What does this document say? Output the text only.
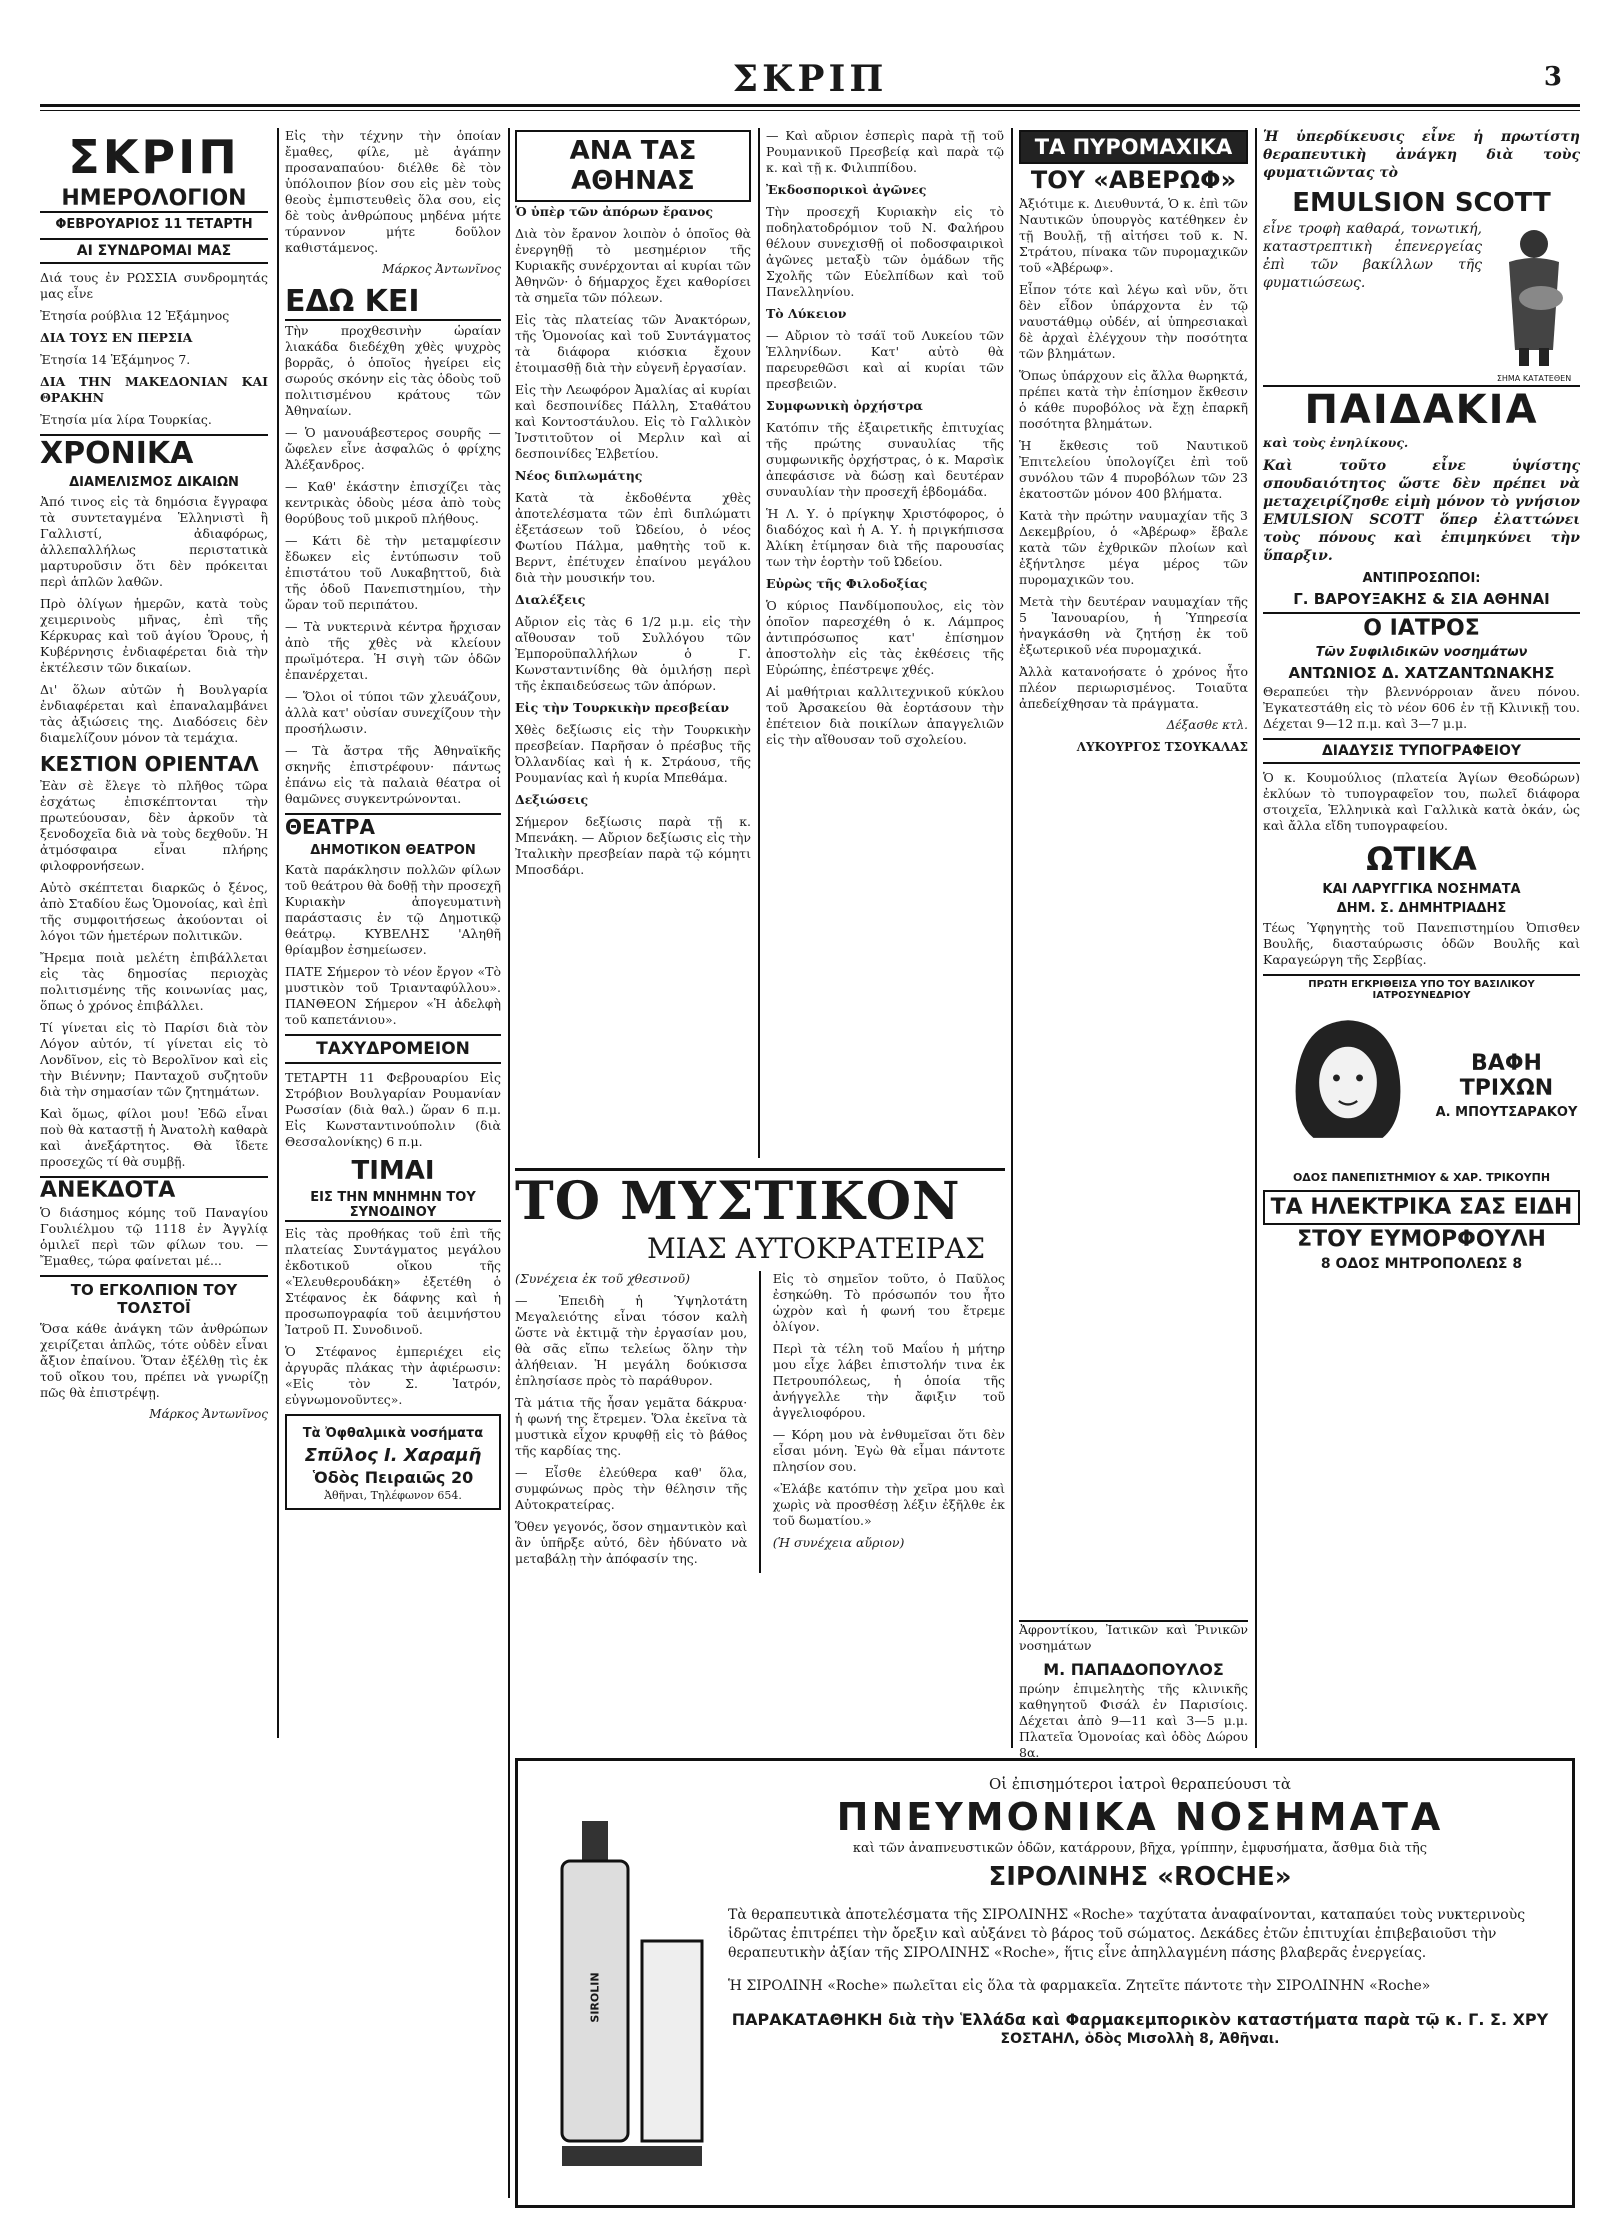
ΣΚΡΙΠ	3
ΣΚΡΙΠ
ΗΜΕΡΟΛΟΓΙΟΝ
ΦΕΒΡΟΥΑΡΙΟΣ 11 ΤΕΤΑΡΤΗ
ΑΙ ΣΥΝΔΡΟΜΑΙ ΜΑΣ

Διά τους ἐν ΡΩΣΣΙΑ συνδρομητάς μας εἶνε

Ἐτησία ρούβλια 12 Ἑξάμηνος

ΔΙΑ ΤΟΥΣ ΕΝ ΠΕΡΣΙΑ

Ἐτησία 14 Ἑξάμηνος 7.

ΔΙΑ ΤΗΝ ΜΑΚΕΔΟΝΙΑΝ ΚΑΙ ΘΡΑΚΗΝ

Ἐτησία μία λίρα Τουρκίας.

ΧΡΟΝΙΚΑ
ΔΙΑΜΕΛΙΣΜΟΣ ΔΙΚΑΙΩΝ

Ἀπό τινος εἰς τὰ δημόσια ἔγγραφα τὰ συντεταγμένα Ἑλληνιστὶ ἢ Γαλλιστί, ἀδιαφόρως, ἀλλεπαλλήλως περιστατικὰ μαρτυροῦσιν ὅτι δὲν πρόκειται περὶ ἁπλῶν λαθῶν.

Πρὸ ὀλίγων ἡμερῶν, κατὰ τοὺς χειμερινοὺς μῆνας, ἐπὶ τῆς Κέρκυρας καὶ τοῦ ἁγίου Ὅρους, ἡ Κυβέρνησις ἐνδιαφέρεται διὰ τὴν ἐκτέλεσιν τῶν δικαίων.

Δι' ὅλων αὐτῶν ἡ Βουλγαρία ἐνδιαφέρεται καὶ ἐπαναλαμβάνει τὰς ἀξιώσεις της. Διαδόσεις δὲν διαμελίζουν μόνον τὰ τεμάχια.

ΚΕΣΤΙΟΝ ΟΡΙΕΝΤΑΛ

Ἐὰν σὲ ἔλεγε τὸ πλῆθος τῶρα ἐσχάτως ἐπισκέπτονται τὴν πρωτεύουσαν, δὲν ἀρκοῦν τὰ ξενοδοχεῖα διὰ νὰ τοὺς δεχθοῦν. Ἡ ἀτμόσφαιρα εἶναι πλήρης φιλοφρονήσεων.

Αὐτὸ σκέπτεται διαρκῶς ὁ ξένος, ἀπὸ Σταδίου ἕως Ὁμονοίας, καὶ ἐπὶ τῆς συμφοιτήσεως ἀκούονται οἱ λόγοι τῶν ἡμετέρων πολιτικῶν.

Ἤρεμα ποιὰ μελέτη ἐπιβάλλεται εἰς τὰς δημοσίας περιοχὰς πολιτισμένης τῆς κοινωνίας μας, ὅπως ὁ χρόνος ἐπιβάλλει.

Τί γίνεται εἰς τὸ Παρίσι διὰ τὸν Λόγον αὐτόν, τί γίνεται εἰς τὸ Λονδῖνον, εἰς τὸ Βερολῖνον καὶ εἰς τὴν Βιέννην; Πανταχοῦ συζητοῦν διὰ τὴν σημασίαν τῶν ζητημάτων.

Καὶ ὅμως, φίλοι μου! Ἐδῶ εἶναι ποὺ θὰ καταστῇ ἡ Ἀνατολὴ καθαρὰ καὶ ἀνεξάρτητος. Θὰ ἴδετε προσεχῶς τί θὰ συμβῇ.

ΑΝΕΚΔΟΤΑ

Ὁ διάσημος κόμης τοῦ Παναγίου Γουλιέλμου τῷ 1118 ἐν Ἀγγλίᾳ ὁμιλεῖ περὶ τῶν φίλων του. — Ἔμαθες, τώρα φαίνεται μέ...

ΤΟ ΕΓΚΟΛΠΙΟΝ ΤΟΥ ΤΟΛΣΤΟΪ

Ὅσα κάθε ἀνάγκη τῶν ἀνθρώπων χειρίζεται ἀπλῶς, τότε οὐδὲν εἶναι ἄξιον ἐπαίνου. Ὅταν ἐξέλθῃ τὶς ἐκ τοῦ οἴκου του, πρέπει νὰ γνωρίζῃ πῶς θὰ ἐπιστρέψῃ.

Μάρκος Ἀντωνῖνος

Εἰς τὴν τέχνην τὴν ὁποίαν ἔμαθες, φίλε, μὲ ἀγάπην προσαναπαύου· διέλθε δὲ τὸν ὑπόλοιπον βίον σου εἰς μὲν τοὺς θεοὺς ἐμπιστευθεὶς ὅλα σου, εἰς δὲ τοὺς ἀνθρώπους μηδένα μήτε τύραννον μήτε δοῦλον καθιστάμενος.

Μάρκος Ἀντωνῖνος
ΕΔΩ ΚΕΙ

Τὴν προχθεσινὴν ὡραίαν λιακάδα διεδέχθη χθὲς ψυχρὸς βορρᾶς, ὁ ὁποῖος ἠγείρει εἰς σωρούς σκόνην εἰς τὰς ὁδοὺς τοῦ πολιτισμένου κράτους τῶν Ἀθηναίων.

— Ὁ μανουάβεστερος σουρῆς — ὤφελεν εἶνε ἀσφαλῶς ὁ φρίχης Ἀλέξανδρος.

— Καθ' ἑκάστην ἐπισχίζει τὰς κεντρικὰς ὁδοὺς μέσα ἀπὸ τοὺς θορύβους τοῦ μικροῦ πλήθους.

— Κάτι δὲ τὴν μεταμφίεσιν ἔδωκεν εἰς ἐντύπωσιν τοῦ ἐπιστάτου τοῦ Λυκαβηττοῦ, διὰ τῆς ὁδοῦ Πανεπιστημίου, τὴν ὥραν τοῦ περιπάτου.

— Τὰ νυκτερινὰ κέντρα ἤρχισαν ἀπὸ τῆς χθὲς νὰ κλείουν πρωϊμότερα. Ἡ σιγὴ τῶν ὁδῶν ἐπανέρχεται.

— Ὅλοι οἱ τύποι τῶν χλευάζουν, ἀλλὰ κατ' οὐσίαν συνεχίζουν τὴν προσήλωσιν.

— Τὰ ἄστρα τῆς Ἀθηναϊκῆς σκηνῆς ἐπιστρέφουν· πάντως ἐπάνω εἰς τὰ παλαιὰ θέατρα οἱ θαμῶνες συγκεντρώνονται.

ΘΕΑΤΡΑ
ΔΗΜΟΤΙΚΟΝ ΘΕΑΤΡΟΝ

Κατὰ παράκλησιν πολλῶν φίλων τοῦ θεάτρου θὰ δοθῇ τὴν προσεχῆ Κυριακὴν ἀπογευματινὴ παράστασις ἐν τῷ Δημοτικῷ θεάτρῳ. ΚΥΒΕΛΗΣ 'Αληθῆ θρίαμβον ἐσημείωσεν.

ΠΑΤΕ Σήμερον τὸ νέον ἔργον «Τὸ μυστικὸν τοῦ Τριανταφύλλου». ΠΑΝΘΕΟΝ Σήμερον «Ἡ ἀδελφὴ τοῦ καπετάνιου».

ΤΑΧΥΔΡΟΜΕΙΟΝ

ΤΕΤΑΡΤΗ 11 Φεβρουαρίου Εἰς Στρόβιον Βουλγαρίαν Ρουμανίαν Ρωσσίαν (διὰ θαλ.) ὥραν 6 π.μ. Εἰς Κωνσταντινούπολιν (διὰ Θεσσαλονίκης) 6 π.μ.

ΤΙΜΑΙ
ΕΙΣ ΤΗΝ ΜΝΗΜΗΝ ΤΟΥ ΣΥΝΟΔΙΝΟΥ

Εἰς τὰς προθήκας τοῦ ἐπὶ τῆς πλατείας Συντάγματος μεγάλου ἐκδοτικοῦ οἴκου τῆς «Ἐλευθερουδάκη» ἐξετέθη ὁ Στέφανος ἐκ δάφνης καὶ ἡ προσωπογραφία τοῦ ἀειμνήστου Ἰατροῦ Π. Συνοδινοῦ.

Ὁ Στέφανος ἐμπεριέχει εἰς ἀργυρᾶς πλάκας τὴν ἀφιέρωσιν: «Εἰς τὸν Σ. Ἰατρόν, εὐγνωμονοῦντες».

Τὰ Ὀφθαλμικὰ νοσήματα
Σπῦλος Ι. Χαραμῆ
Ὁδὸς Πειραιῶς 20
Ἀθῆναι, Τηλέφωνον 654.
ΑΝΑ ΤΑΣ ΑΘΗΝΑΣ

Ὁ ὑπὲρ τῶν ἀπόρων ἔρανος

Διὰ τὸν ἔρανον λοιπὸν ὁ ὁποῖος θὰ ἐνεργηθῇ τὸ μεσημέριον τῆς Κυριακῆς συνέρχονται αἱ κυρίαι τῶν Ἀθηνῶν· ὁ δήμαρχος ἔχει καθορίσει τὰ σημεῖα τῶν πόλεων.

Εἰς τὰς πλατείας τῶν Ἀνακτόρων, τῆς Ὁμονοίας καὶ τοῦ Συντάγματος τὰ διάφορα κιόσκια ἔχουν ἑτοιμασθῇ διὰ τὴν εὐγενῆ ἐργασίαν.

Εἰς τὴν Λεωφόρον Ἀμαλίας αἱ κυρίαι καὶ δεσποινίδες Πάλλη, Σταθάτου καὶ Κοντοστάυλου. Εἰς τὸ Γαλλικὸν Ἰνστιτοῦτον οἱ Μερλιν καὶ αἱ δεσποινίδες Ἑλβετίου.

Νέος διπλωμάτης

Κατὰ τὰ ἐκδοθέντα χθὲς ἀποτελέσματα τῶν ἐπὶ διπλώματι ἐξετάσεων τοῦ Ὠδείου, ὁ νέος Φωτίου Πάλμα, μαθητὴς τοῦ κ. Βερντ, ἐπέτυχεν ἐπαίνου μεγάλου διὰ τὴν μουσικήν του.

Διαλέξεις

Αὔριον εἰς τὰς 6 1/2 μ.μ. εἰς τὴν αἴθουσαν τοῦ Συλλόγου τῶν Ἐμποροϋπαλλήλων ὁ Γ. Κωνσταντινίδης θὰ ὁμιλήσῃ περὶ τῆς ἐκπαιδεύσεως τῶν ἀπόρων.

Εἰς τὴν Τουρκικὴν πρεσβείαν

Χθὲς δεξίωσις εἰς τὴν Τουρκικὴν πρεσβείαν. Παρῆσαν ὁ πρέσβυς τῆς Ὀλλανδίας καὶ ἡ κ. Στράουσ, τῆς Ρουμανίας καὶ ἡ κυρία Μπεθάμα.

Δεξιώσεις

Σήμερον δεξίωσις παρὰ τῇ κ. Μπενάκη. — Αὔριον δεξίωσις εἰς τὴν Ἰταλικὴν πρεσβείαν παρὰ τῷ κόμητι Μποσδάρι.

— Καὶ αὔριον ἑσπερὶς παρὰ τῇ τοῦ Ρουμανικοῦ Πρεσβείᾳ καὶ παρὰ τῷ κ. καὶ τῇ κ. Φιλιππίδου.

Ἐκδοσπορικοὶ ἀγῶνες

Τὴν προσεχῆ Κυριακὴν εἰς τὸ ποδηλατοδρόμιον τοῦ Ν. Φαλήρου θέλουν συνεχισθῇ οἱ ποδοσφαιρικοὶ ἀγῶνες μεταξὺ τῶν ὁμάδων τῆς Σχολῆς τῶν Εὐελπίδων καὶ τοῦ Πανελληνίου.

Τὸ Λύκειον

— Αὔριον τὸ τσάϊ τοῦ Λυκείου τῶν Ἑλληνίδων. Κατ' αὐτὸ θὰ παρευρεθῶσι καὶ αἱ κυρίαι τῶν πρεσβειῶν.

Συμφωνικὴ ὀρχήστρα

Κατόπιν τῆς ἐξαιρετικῆς ἐπιτυχίας τῆς πρώτης συναυλίας τῆς συμφωνικῆς ὀρχήστρας, ὁ κ. Μαρσὶκ ἀπεφάσισε νὰ δώσῃ καὶ δευτέραν συναυλίαν τὴν προσεχῆ ἑβδομάδα.

Ἡ Λ. Υ. ὁ πρίγκηψ Χριστόφορος, ὁ διαδόχος καὶ ἡ Α. Υ. ἡ πριγκήπισσα Ἀλίκη ἐτίμησαν διὰ τῆς παρουσίας των τὴν ἑορτὴν τοῦ Ὠδείου.

Εὐρὼς τῆς Φιλοδοξίας

Ὁ κύριος Πανδίμοπουλος, εἰς τὸν ὁποῖον παρεσχέθη ὁ κ. Λάμπρος ἀντιπρόσωπος κατ' ἐπίσημον ἀποστολὴν εἰς τὰς ἐκθέσεις τῆς Εὐρώπης, ἐπέστρεψε χθές.

Αἱ μαθήτριαι καλλιτεχνικοῦ κύκλου τοῦ Ἀρσακείου θὰ ἑορτάσουν τὴν ἐπέτειον διὰ ποικίλων ἀπαγγελιῶν εἰς τὴν αἴθουσαν τοῦ σχολείου.

ΤΟ ΜΥΣΤΙΚΟΝ
ΜΙΑΣ ΑΥΤΟΚΡΑΤΕΙΡΑΣ

(Συνέχεια ἐκ τοῦ χθεσινοῦ)

— Ἐπειδὴ ἡ Ὑψηλοτάτη Μεγαλειότης εἶναι τόσον καλὴ ὥστε νὰ ἐκτιμᾷ τὴν ἐργασίαν μου, θὰ σᾶς εἴπω τελείως ὅλην τὴν ἀλήθειαν. Ἡ μεγάλη δούκισσα ἐπλησίασε πρὸς τὸ παράθυρον.

Τὰ μάτια τῆς ἦσαν γεμᾶτα δάκρυα· ἡ φωνή της ἔτρεμεν. Ὅλα ἐκεῖνα τὰ μυστικὰ εἶχον κρυφθῇ εἰς τὸ βάθος τῆς καρδίας της.

— Εἶσθε ἐλεύθερα καθ' ὅλα, συμφώνως πρὸς τὴν θέλησιν τῆς Αὐτοκρατείρας.

Ὅθεν γεγονός, ὅσον σημαντικὸν καὶ ἂν ὑπῆρξε αὐτό, δὲν ἠδύνατο νὰ μεταβάλῃ τὴν ἀπόφασίν της.

Εἰς τὸ σημεῖον τοῦτο, ὁ Παῦλος ἐσηκώθη. Τὸ πρόσωπόν του ἦτο ὠχρὸν καὶ ἡ φωνή του ἔτρεμε ὀλίγον.

Περὶ τὰ τέλη τοῦ Μαΐου ἡ μήτηρ μου εἶχε λάβει ἐπιστολήν τινα ἐκ Πετρουπόλεως, ἡ ὁποία τῆς ἀνήγγελλε τὴν ἄφιξιν τοῦ ἀγγελιοφόρου.

— Κόρη μου νὰ ἐνθυμεῖσαι ὅτι δὲν εἶσαι μόνη. Ἐγὼ θὰ εἶμαι πάντοτε πλησίον σου.

«Ἐλάβε κατόπιν τὴν χεῖρα μου καὶ χωρὶς νὰ προσθέσῃ λέξιν ἐξῆλθε ἐκ τοῦ δωματίου.»

(Ἡ συνέχεια αὔριον)

ΤΑ ΠΥΡΟΜΑΧΙΚΑ
ΤΟΥ «ΑΒΕΡΩΦ»

Ἀξιότιμε κ. Διευθυντά, Ὁ κ. ἐπὶ τῶν Ναυτικῶν ὑπουργὸς κατέθηκεν ἐν τῇ Βουλῇ, τῇ αἰτήσει τοῦ κ. Ν. Στράτου, πίνακα τῶν πυρομαχικῶν τοῦ «Ἀβέρωφ».

Εἶπον τότε καὶ λέγω καὶ νῦν, ὅτι δὲν εἶδον ὑπάρχοντα ἐν τῷ ναυστάθμῳ οὐδέν, αἱ ὑπηρεσιακαὶ δὲ ἀρχαὶ ἐλέγχουν τὴν ποσότητα τῶν βλημάτων.

Ὅπως ὑπάρχουν εἰς ἄλλα θωρηκτά, πρέπει κατὰ τὴν ἐπίσημον ἔκθεσιν ὁ κάθε πυροβόλος νὰ ἔχῃ ἐπαρκῆ ποσότητα βλημάτων.

Ἡ ἔκθεσις τοῦ Ναυτικοῦ Ἐπιτελείου ὑπολογίζει ἐπὶ τοῦ συνόλου τῶν 4 πυροβόλων τῶν 23 ἑκατοστῶν μόνον 400 βλήματα.

Κατὰ τὴν πρώτην ναυμαχίαν τῆς 3 Δεκεμβρίου, ὁ «Ἀβέρωφ» ἔβαλε κατὰ τῶν ἐχθρικῶν πλοίων καὶ ἐξήντλησε μέγα μέρος τῶν πυρομαχικῶν του.

Μετὰ τὴν δευτέραν ναυμαχίαν τῆς 5 Ἰανουαρίου, ἡ Ὑπηρεσία ἠναγκάσθη νὰ ζητήσῃ ἐκ τοῦ ἐξωτερικοῦ νέα πυρομαχικά.

Ἀλλὰ κατανοήσατε ὁ χρόνος ἦτο πλέον περιωρισμένος. Τοιαῦτα ἀπεδείχθησαν τὰ πράγματα.

Δέξασθε κτλ.
ΛΥΚΟΥΡΓΟΣ ΤΣΟΥΚΑΛΑΣ

Ἀφροντίκου, Ἰατικῶν καὶ Ῥινικῶν νοσημάτων

Μ. ΠΑΠΑΔΟΠΟΥΛΟΣ

πρώην ἐπιμελητὴς τῆς κλινικῆς καθηγητοῦ Φισάλ ἐν Παρισίοις. Δέχεται ἀπὸ 9—11 καὶ 3—5 μ.μ. Πλατεῖα Ὁμονοίας καὶ ὁδὸς Δώρου 8α.

Ἡ ὑπερδίκευσις εἶνε ἡ πρωτίστη θεραπευτικὴ ἀνάγκη διὰ τοὺς φυματιῶντας τὸ

EMULSION SCOTT

εἶνε τροφὴ καθαρά, τονωτική, καταστρεπτικὴ ἐπενεργείας ἐπὶ τῶν βακίλλων τῆς φυματιώσεως.

ΣΗΜΑ ΚΑΤΑΤΕΘΕΝ
ΠΑΙΔΑΚΙΑ

καὶ τοὺς ἐνηλίκους.

Καὶ τοῦτο εἶνε ὑψίστης σπουδαιότητος ὥστε δὲν πρέπει νὰ μεταχειρίζησθε εἰμὴ μόνον τὸ γνήσιον EMULSION SCOTT ὅπερ ἐλαττώνει τοὺς πόνους καὶ ἐπιμηκύνει τὴν ὕπαρξιν.

ΑΝΤΙΠΡΟΣΩΠΟΙ:
Γ. ΒΑΡΟΥΞΑΚΗΣ & ΣΙΑ ΑΘΗΝΑΙ
Ο ΙΑΤΡΟΣ
Τῶν Συφιλιδικῶν νοσημάτων
ΑΝΤΩΝΙΟΣ Δ. ΧΑΤΖΑΝΤΩΝΑΚΗΣ

Θεραπεύει τὴν βλεννόρροιαν ἄνευ πόνου. Ἐγκατεστάθη εἰς τὸ νέον 606 ἐν τῇ Κλινικῇ του. Δέχεται 9—12 π.μ. καὶ 3—7 μ.μ.

ΔΙΑΔΥΣΙΣ ΤΥΠΟΓΡΑΦΕΙΟΥ

Ὁ κ. Κουμούλιος (πλατεία Ἁγίων Θεοδώρων) ἐκλύων τὸ τυπογραφεῖον του, πωλεῖ διάφορα στοιχεῖα, Ἑλληνικὰ καὶ Γαλλικὰ κατὰ ὀκάν, ὡς καὶ ἄλλα εἴδη τυπογραφείου.

ΩΤΙΚΑ
ΚΑΙ ΛΑΡΥΓΓΙΚΑ ΝΟΣΗΜΑΤΑ
ΔΗΜ. Σ. ΔΗΜΗΤΡΙΑΔΗΣ

Τέως Ὑφηγητὴς τοῦ Πανεπιστημίου Ὀπισθεν Βουλῆς, διασταύρωσις ὁδῶν Βουλῆς καὶ Καραγεώργη τῆς Σερβίας.

ΠΡΩΤΗ ΕΓΚΡΙΘΕΙΣΑ ΥΠΟ ΤΟΥ ΒΑΣΙΛΙΚΟΥ ΙΑΤΡΟΣΥΝΕΔΡΙΟΥ
ΒΑΦΗ ΤΡΙΧΩΝ
Α. ΜΠΟΥΤΣΑΡΑΚΟΥ
ΟΔΟΣ ΠΑΝΕΠΙΣΤΗΜΙΟΥ & ΧΑΡ. ΤΡΙΚΟΥΠΗ
ΤΑ ΗΛΕΚΤΡΙΚΑ ΣΑΣ ΕΙΔΗ
ΣΤΟΥ ΕΥΜΟΡΦΟΥΛΗ
8 ΟΔΟΣ ΜΗΤΡΟΠΟΛΕΩΣ 8
SIROLIN
Οἱ ἐπισημότεροι ἰατροὶ θεραπεύουσι τὰ
ΠΝΕΥΜΟΝΙΚΑ ΝΟΣΗΜΑΤΑ
καὶ τῶν ἀναπνευστικῶν ὁδῶν, κατάρρουν, βῆχα, γρίππην, ἐμφυσήματα, ἄσθμα διὰ τῆς
ΣΙΡΟΛΙΝΗΣ «ROCHE»

Τὰ θεραπευτικὰ ἀποτελέσματα τῆς ΣΙΡΟΛΙΝΗΣ «Roche» ταχύτατα ἀναφαίνονται, καταπαύει τοὺς νυκτερινοὺς ἱδρῶτας ἐπιτρέπει τὴν ὄρεξιν καὶ αὐξάνει τὸ βάρος τοῦ σώματος. Δεκάδες ἐτῶν ἐπιτυχίαι ἐπιβεβαιοῦσι τὴν θεραπευτικὴν ἀξίαν τῆς ΣΙΡΟΛΙΝΗΣ «Roche», ἥτις εἶνε ἀπηλλαγμένη πάσης βλαβερᾶς ἐνεργείας.

Ἡ ΣΙΡΟΛΙΝΗ «Roche» πωλεῖται εἰς ὅλα τὰ φαρμακεῖα. Ζητεῖτε πάντοτε τὴν ΣΙΡΟΛΙΝΗΝ «Roche»

ΠΑΡΑΚΑΤΑΘΗΚΗ διὰ τὴν Ἑλλάδα καὶ Φαρμακεμπορικὸν καταστήματα παρὰ τῷ κ. Γ. Σ. ΧΡΥ
ΣΟΣΤΑΗΛ, ὁδὸς Μισολλὴ 8, Ἀθῆναι.
